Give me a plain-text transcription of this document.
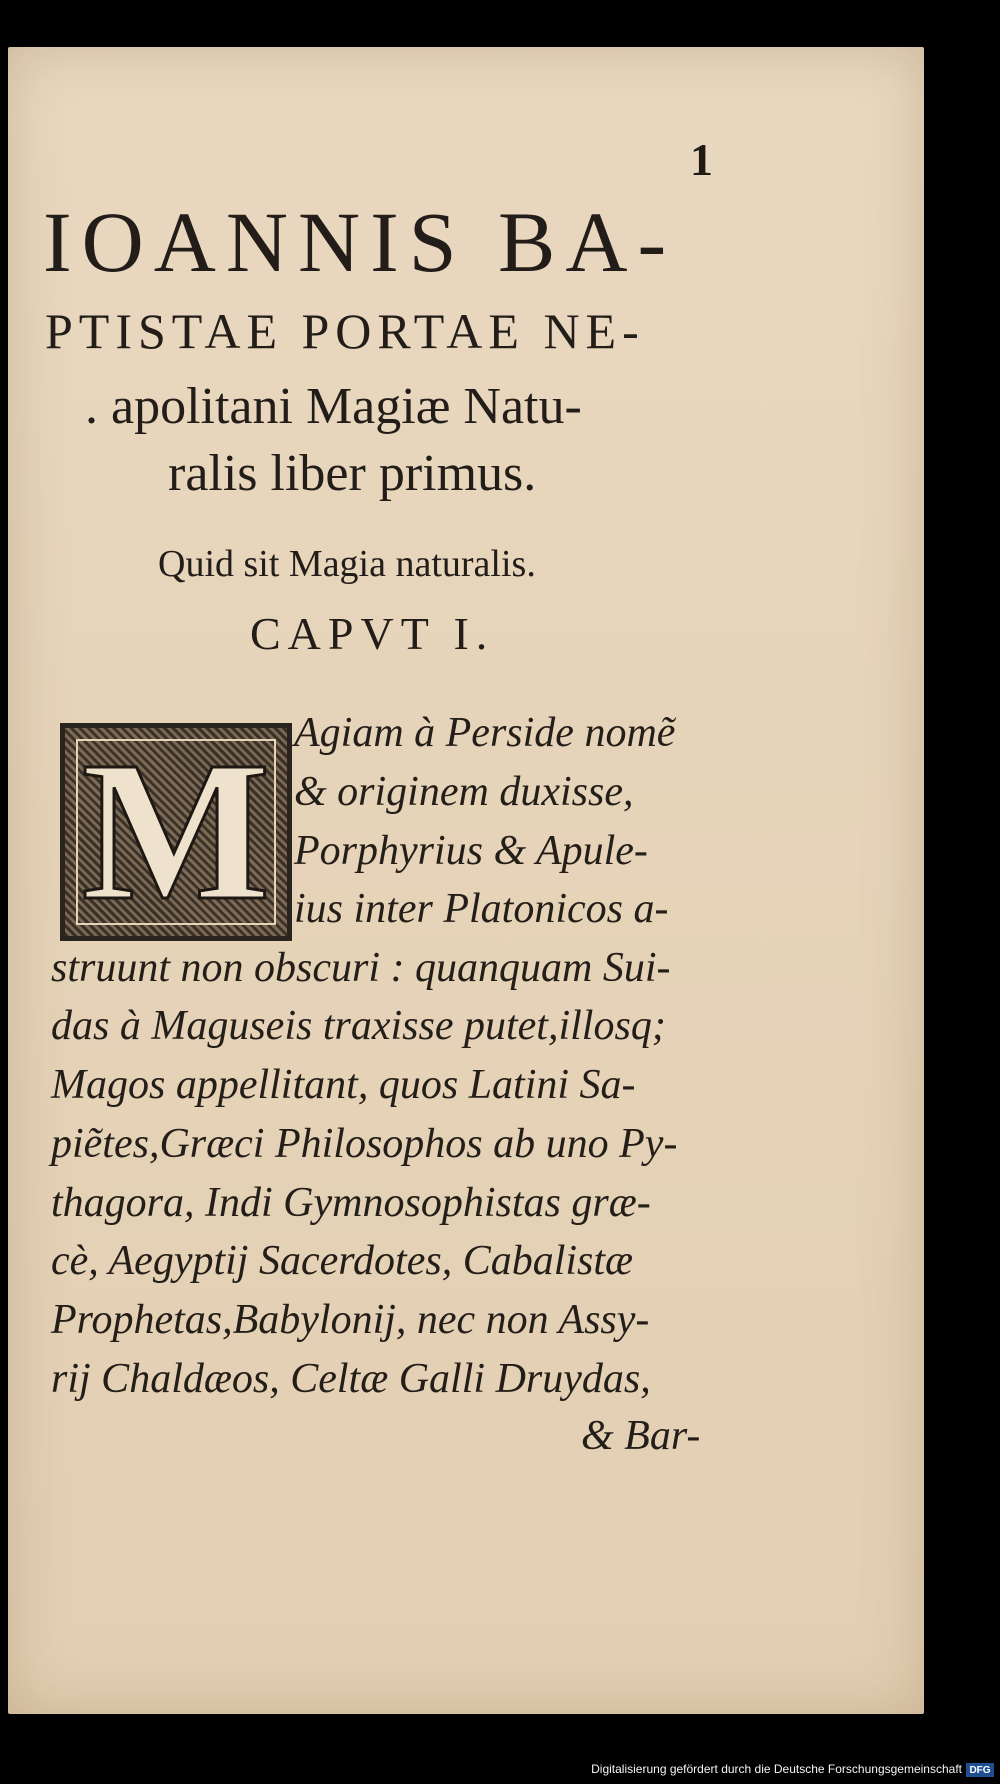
1
IOANNIS BA-
PTISTAE PORTAE NE-
. apolitani Magiæ Natu-
ralis liber primus.
Quid sit Magia naturalis.
CAPVT I.
M Agiam à Perside nomẽ
& originem duxisse,
Porphyrius & Apule-
ius inter Platonicos a-
struunt non obscuri : quanquam Sui-
das à Maguseis traxisse putet,illosq;
Magos appellitant, quos Latini Sa-
piẽtes,Græci Philosophos ab uno Py-
thagora, Indi Gymnosophistas græ-
cè, Aegyptij Sacerdotes, Cabalistæ
Prophetas,Babylonij, nec non Assy-
rij Chaldæos, Celtæ Galli Druydas,
& Bar-
Digitalisierung gefördert durch die Deutsche Forschungsgemeinschaft DFG
